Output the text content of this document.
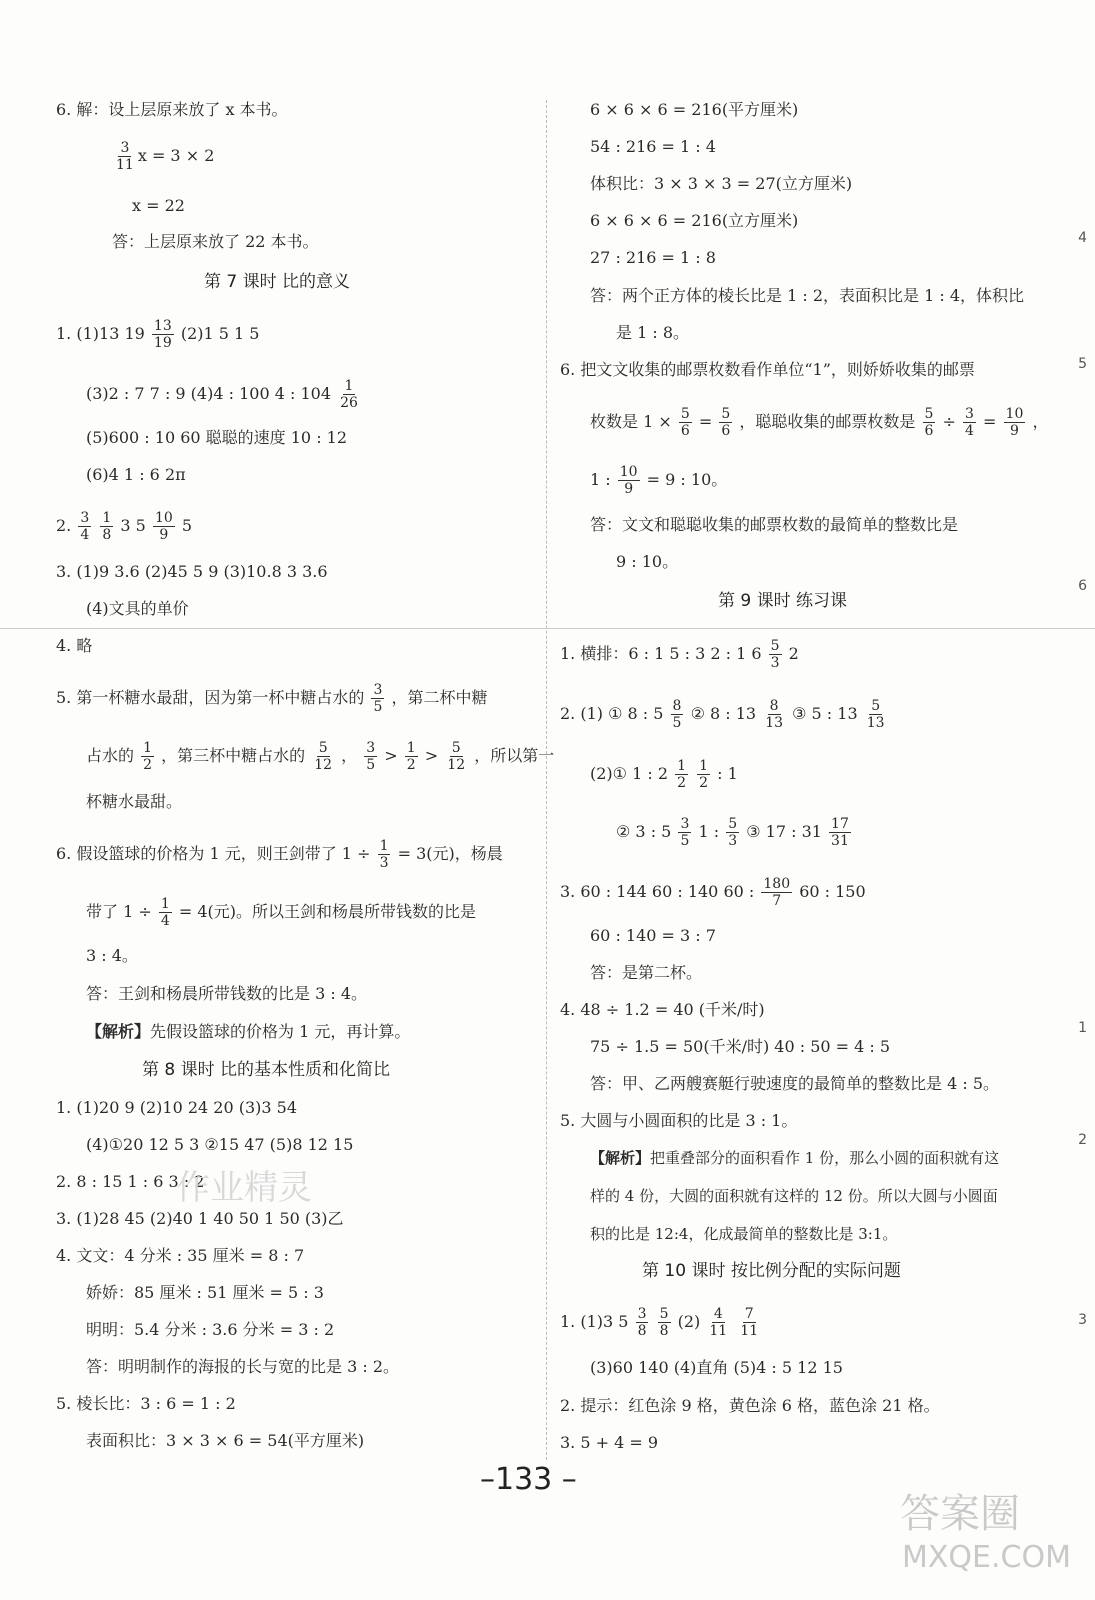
6. 解：设上层原来放了 x 本书。
$\frac{3}{11}$ x = 3 × 2
x = 22
答：上层原来放了 22 本书。
第 7 课时 比的意义
1. (1)13 $19 \frac{13}{19} (2)1$ 5 1 5
(3)2 : 7 7 : 9 (4)4 : 100 4 : $104 \frac{1}{26}$
(5)600 : 10 60 聪聪的速度 10 : 12
(6)4 1 : 6 2π
2. $\frac{3}{4}$
$\frac{1}{8} 3$ $5 \frac{10}{9} 5$
3. (1)9 3.6 (2)45 5 9 (3)10.8 3 3.6
(4)文具的单价
4. 略
5. 第一杯糖水最甜，因为第一杯中糖占水的 $\frac{3}{5}$ ，第二杯中糖
占水的 $\frac{1}{2}$ ，第三杯中糖占水的 $\frac{5}{12}$ ， $\frac{3}{5} > \frac{1}{2} > \frac{5}{12}$ ，所以第一
杯糖水最甜。
6. 假设篮球的价格为 1 元，则王剑带了 $1 \div \frac{1}{3} = 3$(元)，杨晨
带了 $1 \div \frac{1}{4} = 4$(元)。所以王剑和杨晨所带钱数的比是
3 : 4。
答：王剑和杨晨所带钱数的比是 3 : 4。
【解析】先假设篮球的价格为 1 元，再计算。
第 8 课时 比的基本性质和化简比
1. (1)20 9 (2)10 24 20 (3)3 54
(4)①20 12 5 3 ②15 47 (5)8 12 15
2. 8 : 15 1 : 6 3 : 2
3. (1)28 45 (2)40 1 40 50 1 50 (3)乙
4. 文文：4 分米 : 35 厘米 = 8 : 7
娇娇：85 厘米 : 51 厘米 = 5 : 3
明明：5.4 分米 : 3.6 分米 = 3 : 2
答：明明制作的海报的长与宽的比是 3 : 2。
5. 棱长比：3 : 6 = 1 : 2
表面积比：3 × 3 × 6 = 54(平方厘米)
6 × 6 × 6 = 216(平方厘米)
54 : 216 = 1 : 4
体积比：3 × 3 × 3 = 27(立方厘米)
6 × 6 × 6 = 216(立方厘米)
27 : 216 = 1 : 8
答：两个正方体的棱长比是 1 : 2，表面积比是 1 : 4，体积比
是 1 : 8。
6. 把文文收集的邮票枚数看作单位“1”，则娇娇收集的邮票
枚数是 $1 \times \frac{5}{6} = \frac{5}{6}$ ，聪聪收集的邮票枚数是 $\frac{5}{6} \div \frac{3}{4} = \frac{10}{9}$ ，
1 : $\frac{10}{9} = 9$ : 10。
答：文文和聪聪收集的邮票枚数的最简单的整数比是
9 : 10。
第 9 课时 练习课
1. 横排：6 : 1 5 : 3 2 : 1 $6 \frac{5}{3} 2$
2. (1) ① 8 : $5 \frac{8}{5}$ ② 8 : $13 \frac{8}{13}$ ③ 5 : $13 \frac{5}{13}$
(2)① 1 : $2 \frac{1}{2}$
$\frac{1}{2}$ : 1
② 3 : $5 \frac{3}{5} 1$ : $\frac{5}{3}$ ③ 17 : $31 \frac{17}{31}$
3. 60 : 144 60 : 140 60 : $\frac{180}{7} 60$ : 150
60 : 140 = 3 : 7
答：是第二杯。
4. 48 ÷ 1.2 = 40 (千米/时)
75 ÷ 1.5 = 50(千米/时) 40 : 50 = 4 : 5
答：甲、乙两艘赛艇行驶速度的最简单的整数比是 4 : 5。
5. 大圆与小圆面积的比是 3 : 1。
【解析】把重叠部分的面积看作 1 份，那么小圆的面积就有这
样的 4 份，大圆的面积就有这样的 12 份。所以大圆与小圆面
积的比是 12:4，化成最简单的整数比是 3:1。
第 10 课时 按比例分配的实际问题
1. (1)3 $5 \frac{3}{8}$
$\frac{5}{8} (2) \frac{4}{11}$
$\frac{7}{11}$
(3)60 140 (4)直角 (5)4 : 5 12 15
2. 提示：红色涂 9 格，黄色涂 6 格，蓝色涂 21 格。
3. 5 + 4 = 9
4
5
6
1
2
3
–133 –
作业精灵
答案圈
MXQE.COM
